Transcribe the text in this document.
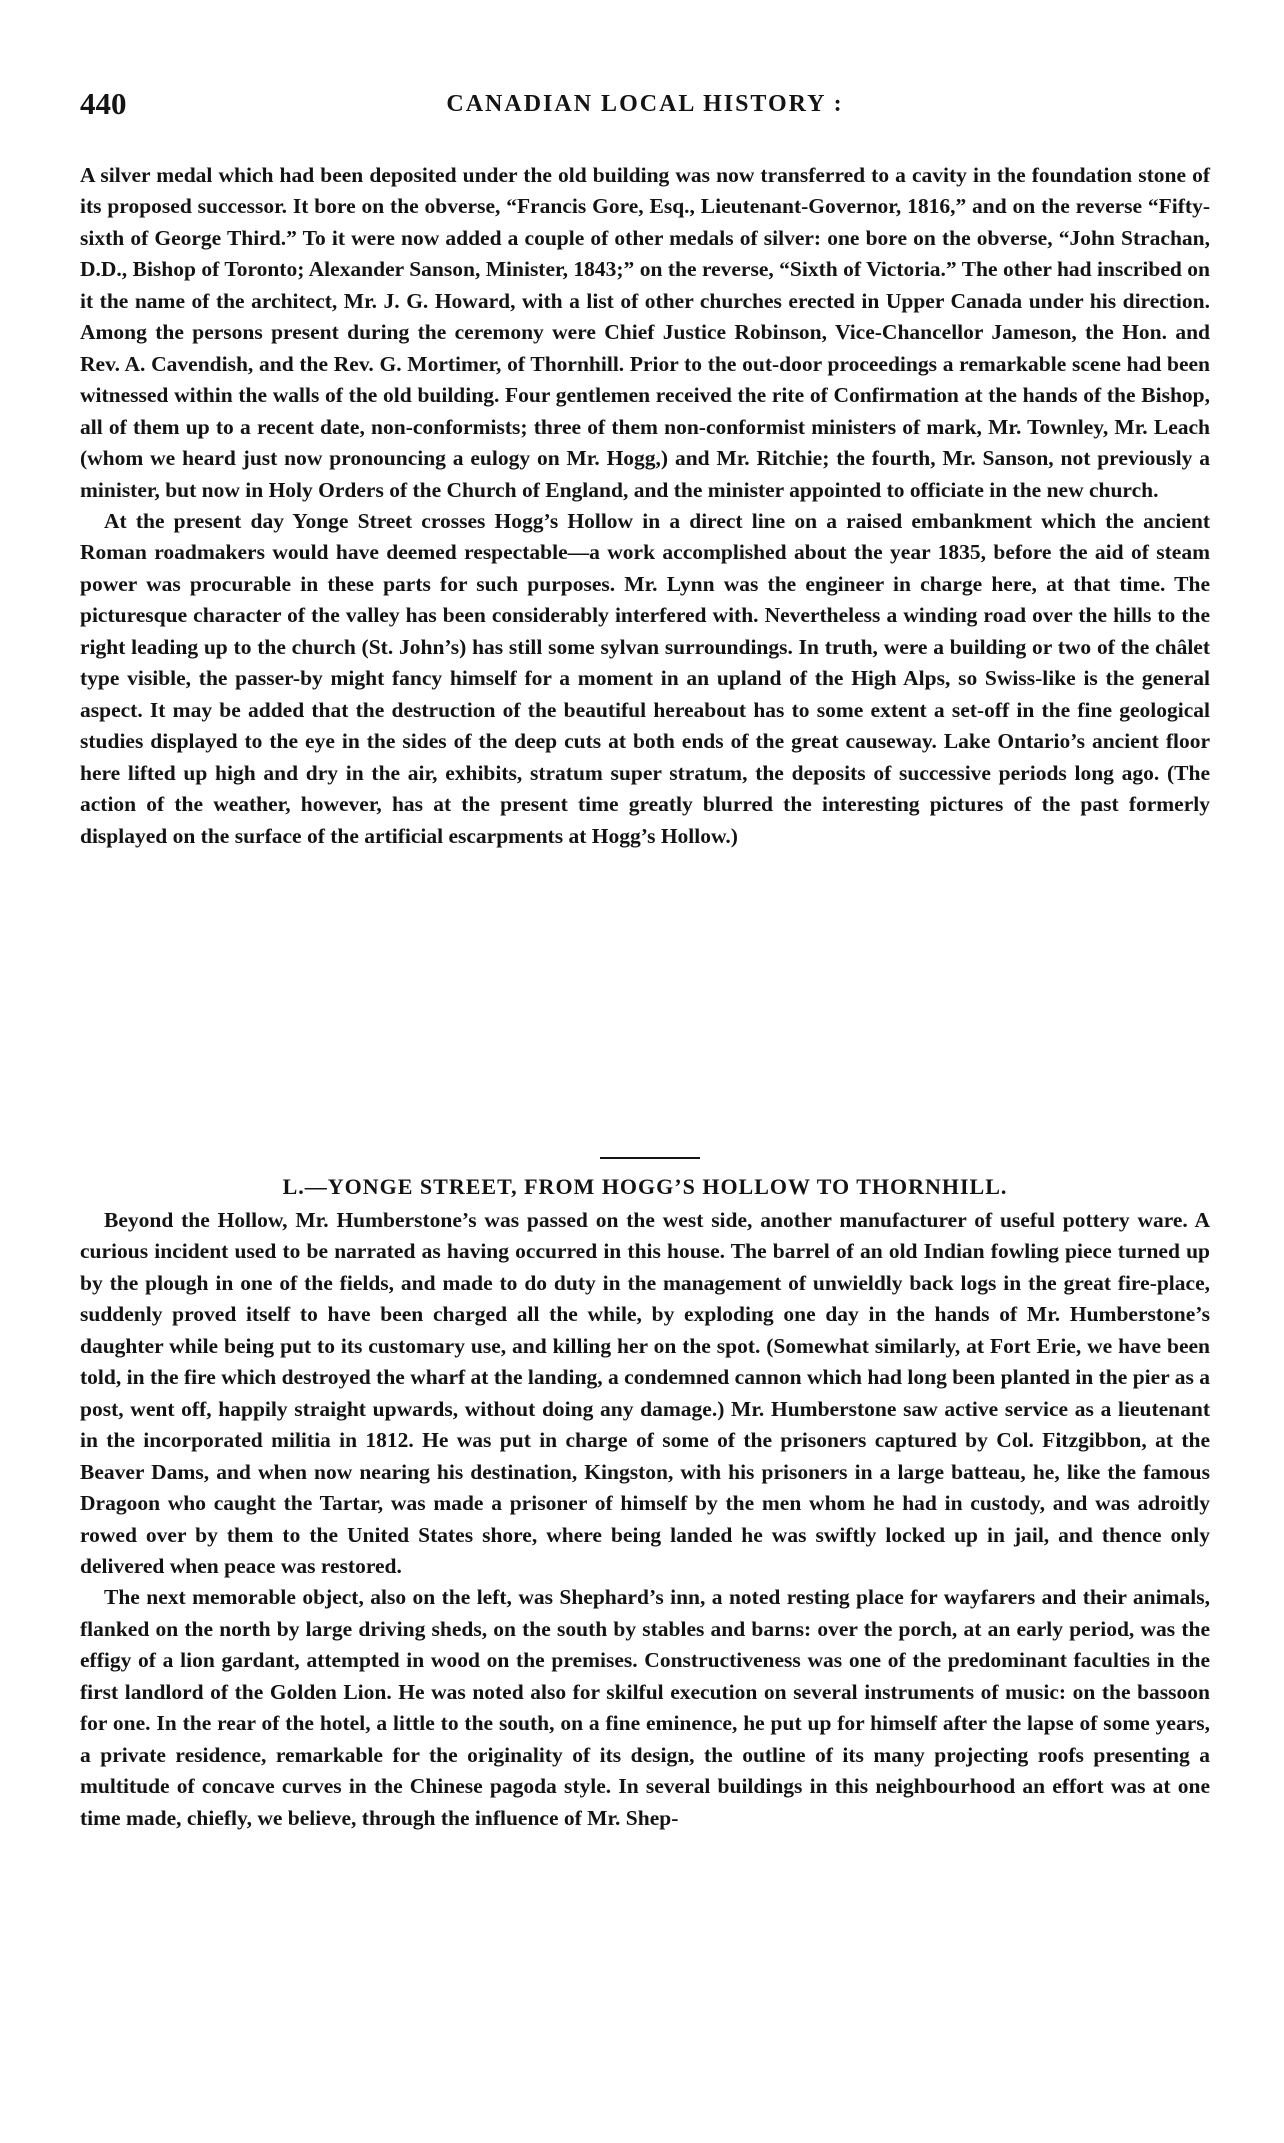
440	CANADIAN LOCAL HISTORY :

A silver medal which had been deposited under the old building was now transferred to a cavity in the foundation stone of its proposed successor. It bore on the obverse, “Francis Gore, Esq., Lieutenant-Governor, 1816,” and on the reverse “Fifty-sixth of George Third.” To it were now added a couple of other medals of silver: one bore on the obverse, “John Strachan, D.D., Bishop of Toronto; Alexander Sanson, Minister, 1843;” on the reverse, “Sixth of Victoria.” The other had inscribed on it the name of the architect, Mr. J. G. Howard, with a list of other churches erected in Upper Canada under his direction. Among the persons present during the ceremony were Chief Justice Robinson, Vice-Chancellor Jameson, the Hon. and Rev. A. Cavendish, and the Rev. G. Mortimer, of Thornhill. Prior to the out-door proceedings a remarkable scene had been witnessed within the walls of the old building. Four gentlemen received the rite of Confirmation at the hands of the Bishop, all of them up to a recent date, non-conformists; three of them non-conformist ministers of mark, Mr. Townley, Mr. Leach (whom we heard just now pronouncing a eulogy on Mr. Hogg,) and Mr. Ritchie; the fourth, Mr. Sanson, not previously a minister, but now in Holy Orders of the Church of England, and the minister appointed to officiate in the new church.

At the present day Yonge Street crosses Hogg’s Hollow in a direct line on a raised embankment which the ancient Roman roadmakers would have deemed respectable—a work accomplished about the year 1835, before the aid of steam power was procurable in these parts for such purposes. Mr. Lynn was the engineer in charge here, at that time. The picturesque character of the valley has been considerably interfered with. Nevertheless a winding road over the hills to the right leading up to the church (St. John’s) has still some sylvan surroundings. In truth, were a building or two of the châlet type visible, the passer-by might fancy himself for a moment in an upland of the High Alps, so Swiss-like is the general aspect. It may be added that the destruction of the beautiful hereabout has to some extent a set-off in the fine geological studies displayed to the eye in the sides of the deep cuts at both ends of the great causeway. Lake Ontario’s ancient floor here lifted up high and dry in the air, exhibits, stratum super stratum, the deposits of successive periods long ago. (The action of the weather, however, has at the present time greatly blurred the interesting pictures of the past formerly displayed on the surface of the artificial escarpments at Hogg’s Hollow.)

L.—YONGE STREET, FROM HOGG’S HOLLOW TO THORNHILL.

Beyond the Hollow, Mr. Humberstone’s was passed on the west side, another manufacturer of useful pottery ware. A curious incident used to be narrated as having occurred in this house. The barrel of an old Indian fowling piece turned up by the plough in one of the fields, and made to do duty in the management of unwieldly back logs in the great fire-place, suddenly proved itself to have been charged all the while, by exploding one day in the hands of Mr. Humberstone’s daughter while being put to its customary use, and killing her on the spot. (Somewhat similarly, at Fort Erie, we have been told, in the fire which destroyed the wharf at the landing, a condemned cannon which had long been planted in the pier as a post, went off, happily straight upwards, without doing any damage.) Mr. Humberstone saw active service as a lieutenant in the incorporated militia in 1812. He was put in charge of some of the prisoners captured by Col. Fitzgibbon, at the Beaver Dams, and when now nearing his destination, Kingston, with his prisoners in a large batteau, he, like the famous Dragoon who caught the Tartar, was made a prisoner of himself by the men whom he had in custody, and was adroitly rowed over by them to the United States shore, where being landed he was swiftly locked up in jail, and thence only delivered when peace was restored.

The next memorable object, also on the left, was Shephard’s inn, a noted resting place for wayfarers and their animals, flanked on the north by large driving sheds, on the south by stables and barns: over the porch, at an early period, was the effigy of a lion gardant, attempted in wood on the premises. Constructiveness was one of the predominant faculties in the first landlord of the Golden Lion. He was noted also for skilful execution on several instruments of music: on the bassoon for one. In the rear of the hotel, a little to the south, on a fine eminence, he put up for himself after the lapse of some years, a private residence, remarkable for the originality of its design, the outline of its many projecting roofs presenting a multitude of concave curves in the Chinese pagoda style. In several buildings in this neighbourhood an effort was at one time made, chiefly, we believe, through the influence of Mr. Shep-
